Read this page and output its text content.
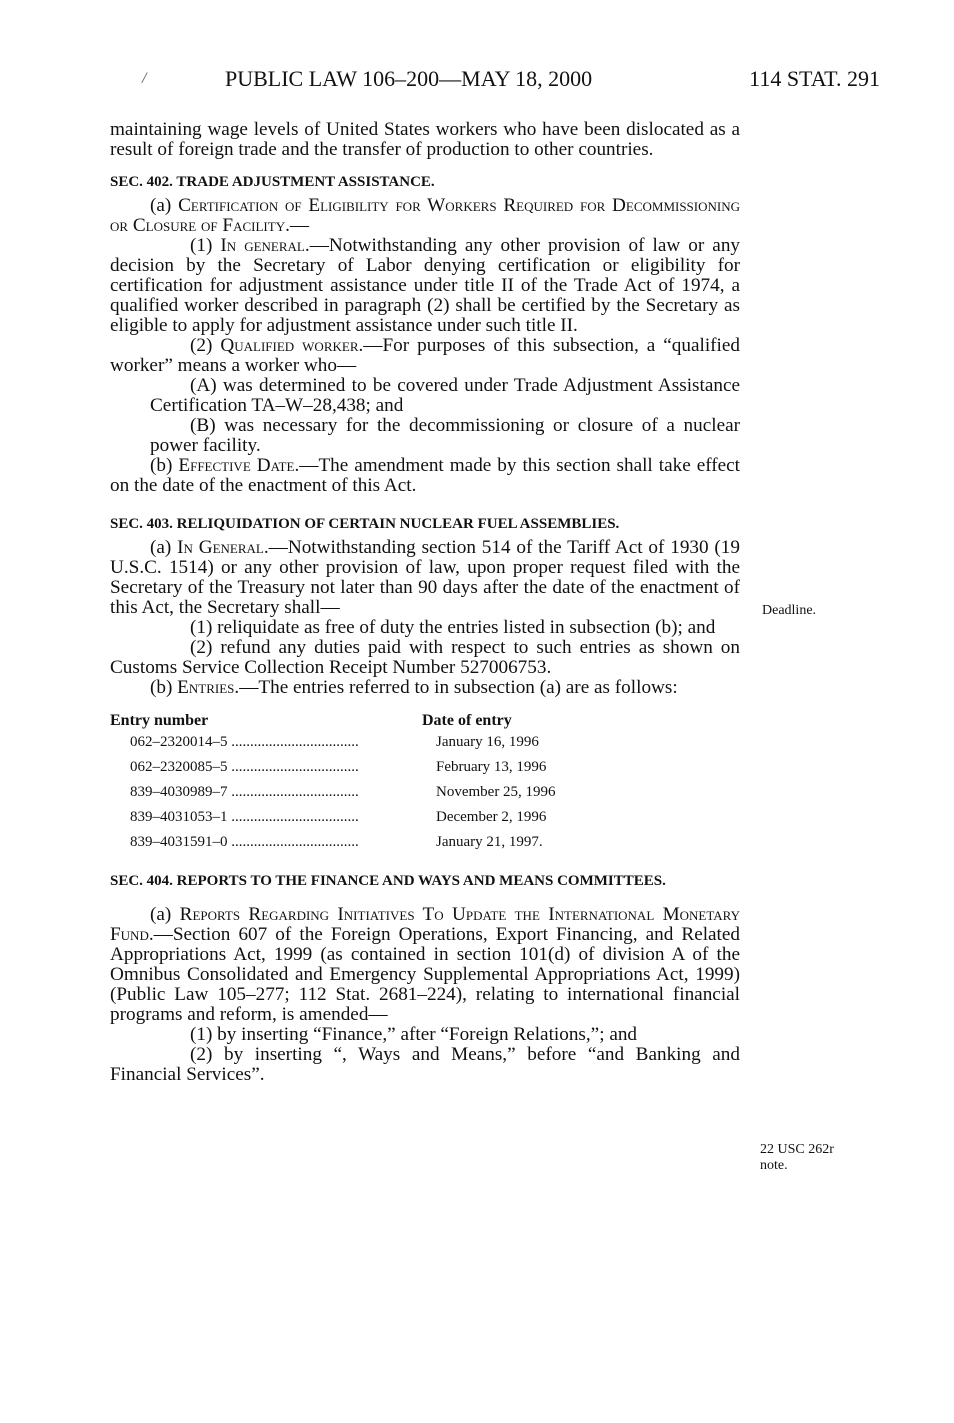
/	PUBLIC LAW 106–200—MAY 18, 2000	114 STAT. 291

maintaining wage levels of United States workers who have been dislocated as a result of foreign trade and the transfer of production to other countries.

SEC. 402. TRADE ADJUSTMENT ASSISTANCE.

(a) Certification of Eligibility for Workers Required for Decommissioning or Closure of Facility.—

(1) In general.—Notwithstanding any other provision of law or any decision by the Secretary of Labor denying certification or eligibility for certification for adjustment assistance under title II of the Trade Act of 1974, a qualified worker described in paragraph (2) shall be certified by the Secretary as eligible to apply for adjustment assistance under such title II.

(2) Qualified worker.—For purposes of this subsection, a “qualified worker” means a worker who—

(A) was determined to be covered under Trade Adjustment Assistance Certification TA–W–28,438; and

(B) was necessary for the decommissioning or closure of a nuclear power facility.

(b) Effective Date.—The amendment made by this section shall take effect on the date of the enactment of this Act.

SEC. 403. RELIQUIDATION OF CERTAIN NUCLEAR FUEL ASSEMBLIES.

(a) In General.—Notwithstanding section 514 of the Tariff Act of 1930 (19 U.S.C. 1514) or any other provision of law, upon proper request filed with the Secretary of the Treasury not later than 90 days after the date of the enactment of this Act, the Secretary shall—

(1) reliquidate as free of duty the entries listed in subsection (b); and

(2) refund any duties paid with respect to such entries as shown on Customs Service Collection Receipt Number 527006753.

(b) Entries.—The entries referred to in subsection (a) are as follows:

Entry number	Date of entry
062–2320014–5 ..................................	January 16, 1996
062–2320085–5 ..................................	February 13, 1996
839–4030989–7 ..................................	November 25, 1996
839–4031053–1 ..................................	December 2, 1996
839–4031591–0 ..................................	January 21, 1997.
SEC. 404. REPORTS TO THE FINANCE AND WAYS AND MEANS COMMITTEES.

(a) Reports Regarding Initiatives To Update the International Monetary Fund.—Section 607 of the Foreign Operations, Export Financing, and Related Appropriations Act, 1999 (as contained in section 101(d) of division A of the Omnibus Consolidated and Emergency Supplemental Appropriations Act, 1999) (Public Law 105–277; 112 Stat. 2681–224), relating to international financial programs and reform, is amended—

(1) by inserting “Finance,” after “Foreign Relations,”; and

(2) by inserting “, Ways and Means,” before “and Banking and Financial Services”.

Deadline.
22 USC 262r
note.
